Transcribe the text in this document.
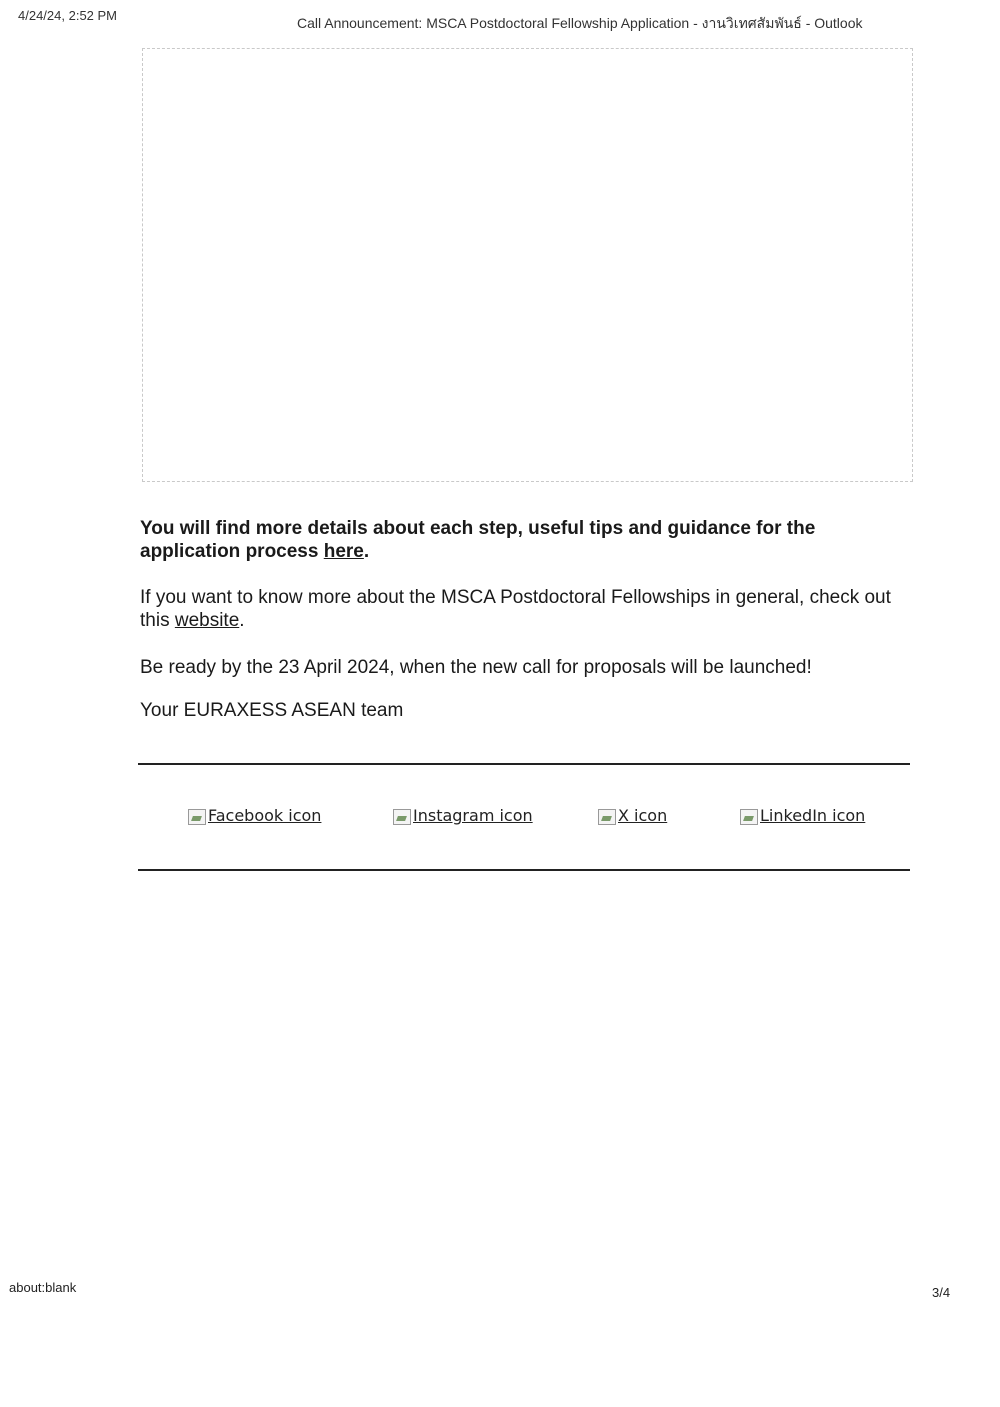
4/24/24, 2:52 PM	Call Announcement: MSCA Postdoctoral Fellowship Application - งานวิเทศสัมพันธ์ - Outlook
You will find more details about each step, useful tips and guidance for the application process here.
If you want to know more about the MSCA Postdoctoral Fellowships in general, check out this website.
Be ready by the 23 April 2024, when the new call for proposals will be launched!
Your EURAXESS ASEAN team
Facebook icon	Instagram icon	X icon	LinkedIn icon
about:blank	3/4
